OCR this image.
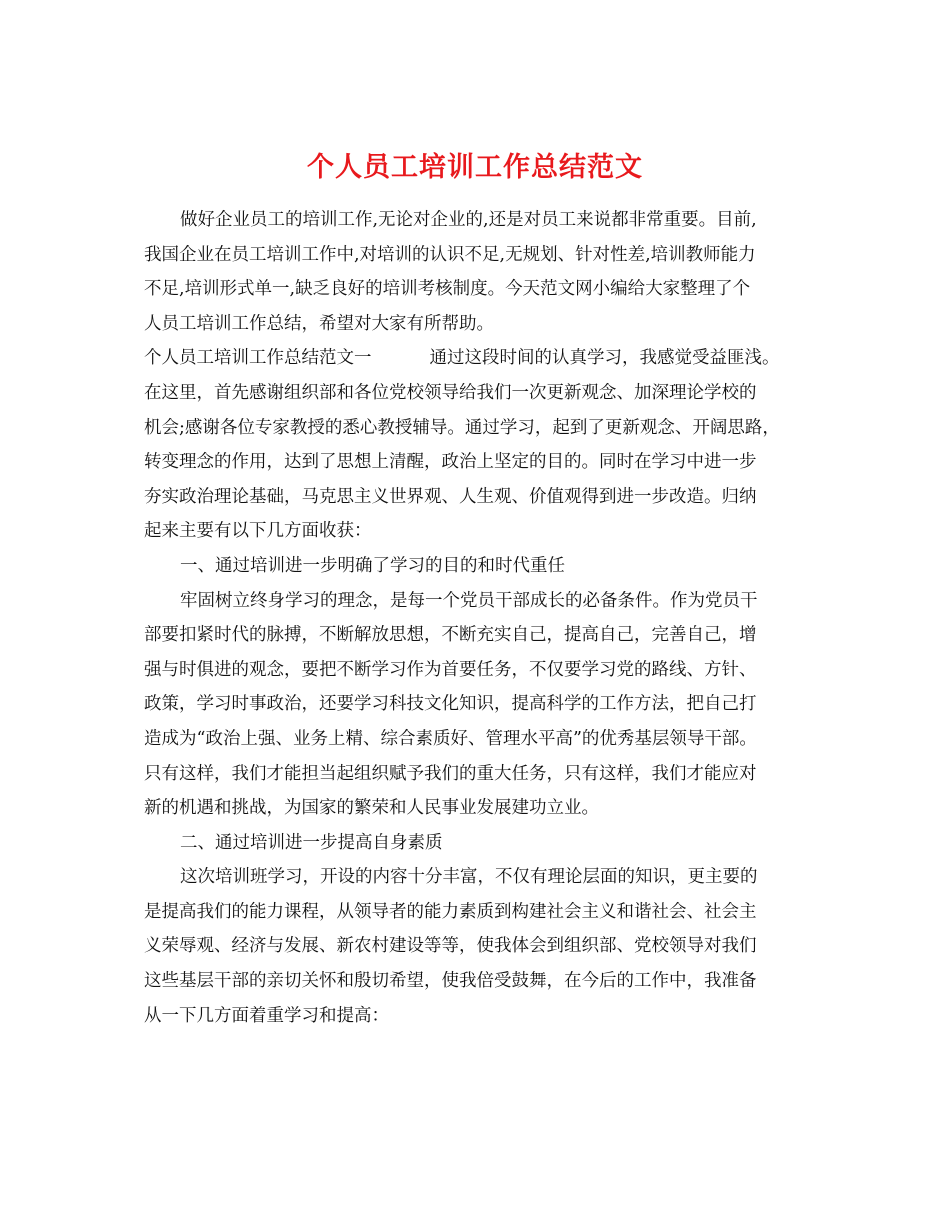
个人员工培训工作总结范文
做好企业员工的培训工作,无论对企业的,还是对员工来说都非常重要。目前,
我国企业在员工培训工作中,对培训的认识不足,无规划、针对性差,培训教师能力
不足,培训形式单一,缺乏良好的培训考核制度。今天范文网小编给大家整理了个
人员工培训工作总结，希望对大家有所帮助。
个人员工培训工作总结范文一	通过这段时间的认真学习，我感觉受益匪浅。
在这里，首先感谢组织部和各位党校领导给我们一次更新观念、加深理论学校的
机会;感谢各位专家教授的悉心教授辅导。通过学习，起到了更新观念、开阔思路，
转变理念的作用，达到了思想上清醒，政治上坚定的目的。同时在学习中进一步
夯实政治理论基础，马克思主义世界观、人生观、价值观得到进一步改造。归纳
起来主要有以下几方面收获：
一、通过培训进一步明确了学习的目的和时代重任
牢固树立终身学习的理念，是每一个党员干部成长的必备条件。作为党员干
部要扣紧时代的脉搏，不断解放思想，不断充实自己，提高自己，完善自己，增
强与时俱进的观念，要把不断学习作为首要任务，不仅要学习党的路线、方针、
政策，学习时事政治，还要学习科技文化知识，提高科学的工作方法，把自己打
造成为“政治上强、业务上精、综合素质好、管理水平高”的优秀基层领导干部。
只有这样，我们才能担当起组织赋予我们的重大任务，只有这样，我们才能应对
新的机遇和挑战，为国家的繁荣和人民事业发展建功立业。
二、通过培训进一步提高自身素质
这次培训班学习，开设的内容十分丰富，不仅有理论层面的知识，更主要的
是提高我们的能力课程，从领导者的能力素质到构建社会主义和谐社会、社会主
义荣辱观、经济与发展、新农村建设等等，使我体会到组织部、党校领导对我们
这些基层干部的亲切关怀和殷切希望，使我倍受鼓舞，在今后的工作中，我准备
从一下几方面着重学习和提高：
